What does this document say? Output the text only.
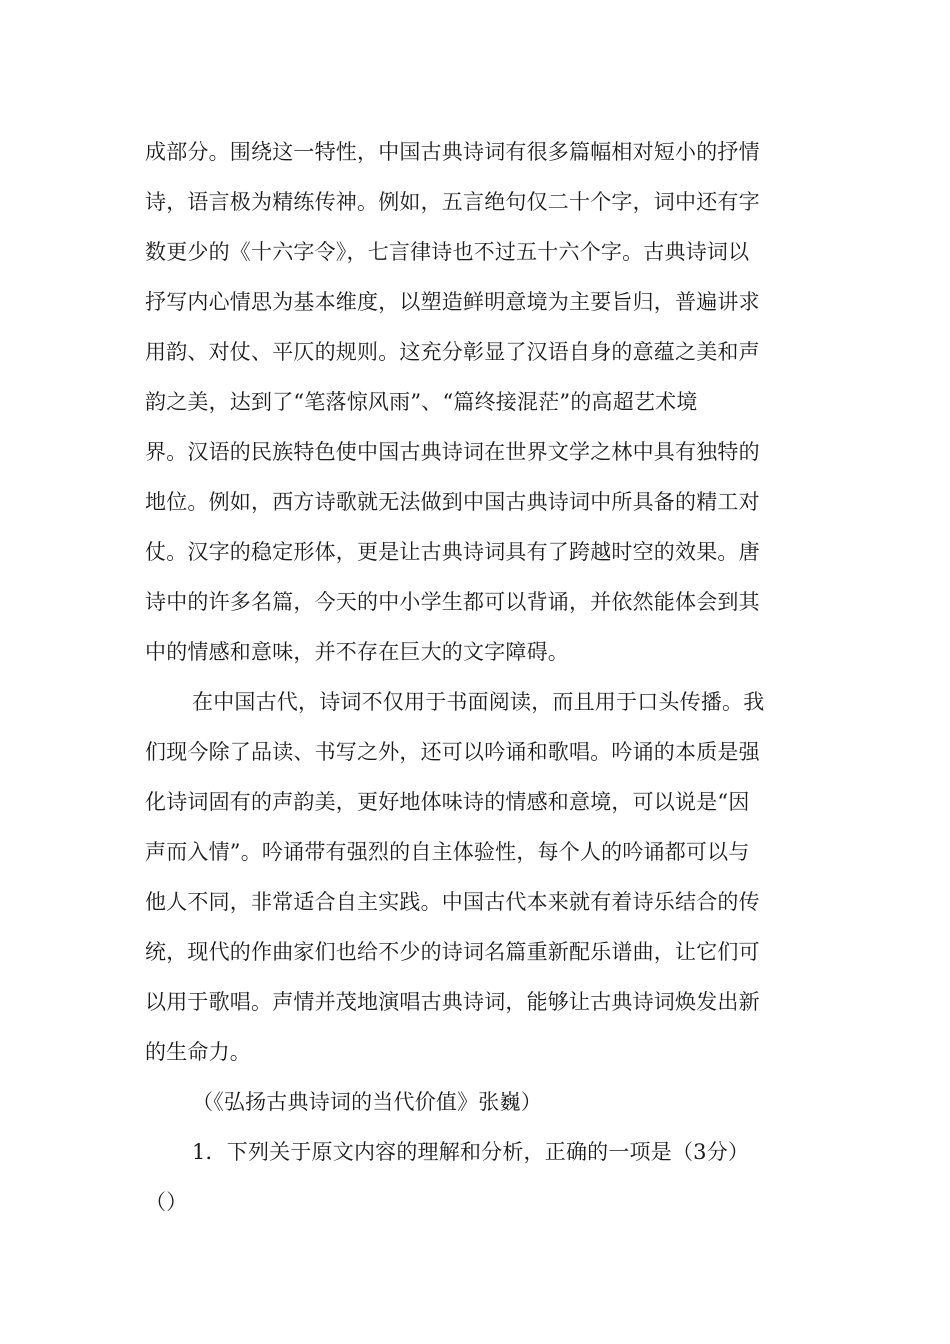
成部分。围绕这一特性，中国古典诗词有很多篇幅相对短小的抒情
诗，语言极为精练传神。例如，五言绝句仅二十个字，词中还有字
数更少的《十六字令》，七言律诗也不过五十六个字。古典诗词以
抒写内心情思为基本维度，以塑造鲜明意境为主要旨归，普遍讲求
用韵、对仗、平仄的规则。这充分彰显了汉语自身的意蕴之美和声
韵之美，达到了“笔落惊风雨”、“篇终接混茫”的高超艺术境
界。汉语的民族特色使中国古典诗词在世界文学之林中具有独特的
地位。例如，西方诗歌就无法做到中国古典诗词中所具备的精工对
仗。汉字的稳定形体，更是让古典诗词具有了跨越时空的效果。唐
诗中的许多名篇，今天的中小学生都可以背诵，并依然能体会到其
中的情感和意味，并不存在巨大的文字障碍。
在中国古代，诗词不仅用于书面阅读，而且用于口头传播。我
们现今除了品读、书写之外，还可以吟诵和歌唱。吟诵的本质是强
化诗词固有的声韵美，更好地体味诗的情感和意境，可以说是“因
声而入情”。吟诵带有强烈的自主体验性，每个人的吟诵都可以与
他人不同，非常适合自主实践。中国古代本来就有着诗乐结合的传
统，现代的作曲家们也给不少的诗词名篇重新配乐谱曲，让它们可
以用于歌唱。声情并茂地演唱古典诗词，能够让古典诗词焕发出新
的生命力。
（《弘扬古典诗词的当代价值》张巍）
1．下列关于原文内容的理解和分析，正确的一项是（3分）
（）
